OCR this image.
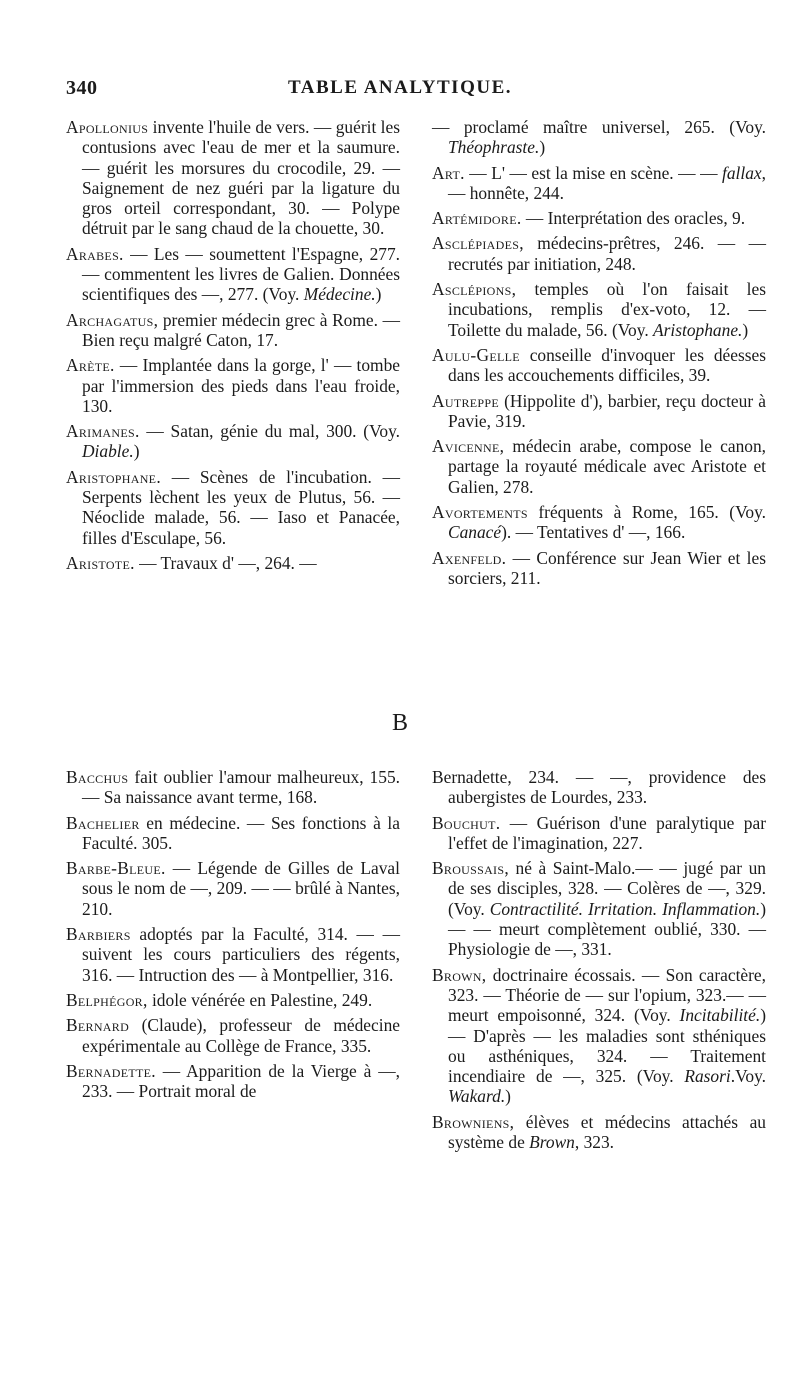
340	TABLE ANALYTIQUE.
Apollonius invente l'huile de vers. — guérit les contusions avec l'eau de mer et la saumure. — guérit les morsures du crocodile, 29. — Saignement de nez guéri par la ligature du gros orteil correspondant, 30. — Polype détruit par le sang chaud de la chouette, 30.
Arabes. — Les — soumettent l'Espagne, 277. — commentent les livres de Galien. Données scientifiques des —, 277. (Voy. Médecine.)
Archagatus, premier médecin grec à Rome. — Bien reçu malgré Caton, 17.
Arète. — Implantée dans la gorge, l' — tombe par l'immersion des pieds dans l'eau froide, 130.
Arimanes. — Satan, génie du mal, 300. (Voy. Diable.)
Aristophane. — Scènes de l'incubation. — Serpents lèchent les yeux de Plutus, 56. — Néoclide malade, 56. — Iaso et Panacée, filles d'Esculape, 56.
Aristote. — Travaux d' —, 264. —
— proclamé maître universel, 265. (Voy. Théophraste.)
Art. — L' — est la mise en scène. — — fallax, — honnête, 244.
Artémidore. — Interprétation des oracles, 9.
Asclépiades, médecins-prêtres, 246. — — recrutés par initiation, 248.
Asclépions, temples où l'on faisait les incubations, remplis d'ex-voto, 12. — Toilette du malade, 56. (Voy. Aristophane.)
Aulu-Gelle conseille d'invoquer les déesses dans les accouchements difficiles, 39.
Autreppe (Hippolite d'), barbier, reçu docteur à Pavie, 319.
Avicenne, médecin arabe, compose le canon, partage la royauté médicale avec Aristote et Galien, 278.
Avortements fréquents à Rome, 165. (Voy. Canacé). — Tentatives d' —, 166.
Axenfeld. — Conférence sur Jean Wier et les sorciers, 211.
B
Bacchus fait oublier l'amour malheureux, 155. — Sa naissance avant terme, 168.
Bachelier en médecine. — Ses fonctions à la Faculté. 305.
Barbe-Bleue. — Légende de Gilles de Laval sous le nom de —, 209. — — brûlé à Nantes, 210.
Barbiers adoptés par la Faculté, 314. — — suivent les cours particuliers des régents, 316. — Intruction des — à Montpellier, 316.
Belphégor, idole vénérée en Palestine, 249.
Bernard (Claude), professeur de médecine expérimentale au Collège de France, 335.
Bernadette. — Apparition de la Vierge à —, 233. — Portrait moral de
Bernadette, 234. — —, providence des aubergistes de Lourdes, 233.
Bouchut. — Guérison d'une paralytique par l'effet de l'imagination, 227.
Broussais, né à Saint-Malo.— — jugé par un de ses disciples, 328. — Colères de —, 329. (Voy. Contractilité. Irritation. Inflammation.) — — meurt complètement oublié, 330. — Physiologie de —, 331.
Brown, doctrinaire écossais. — Son caractère, 323. — Théorie de — sur l'opium, 323.— — meurt empoisonné, 324. (Voy. Incitabilité.) — D'après — les maladies sont sthéniques ou asthéniques, 324. — Traitement incendiaire de —, 325. (Voy. Rasori.Voy. Wakard.)
Browniens, élèves et médecins attachés au système de Brown, 323.
